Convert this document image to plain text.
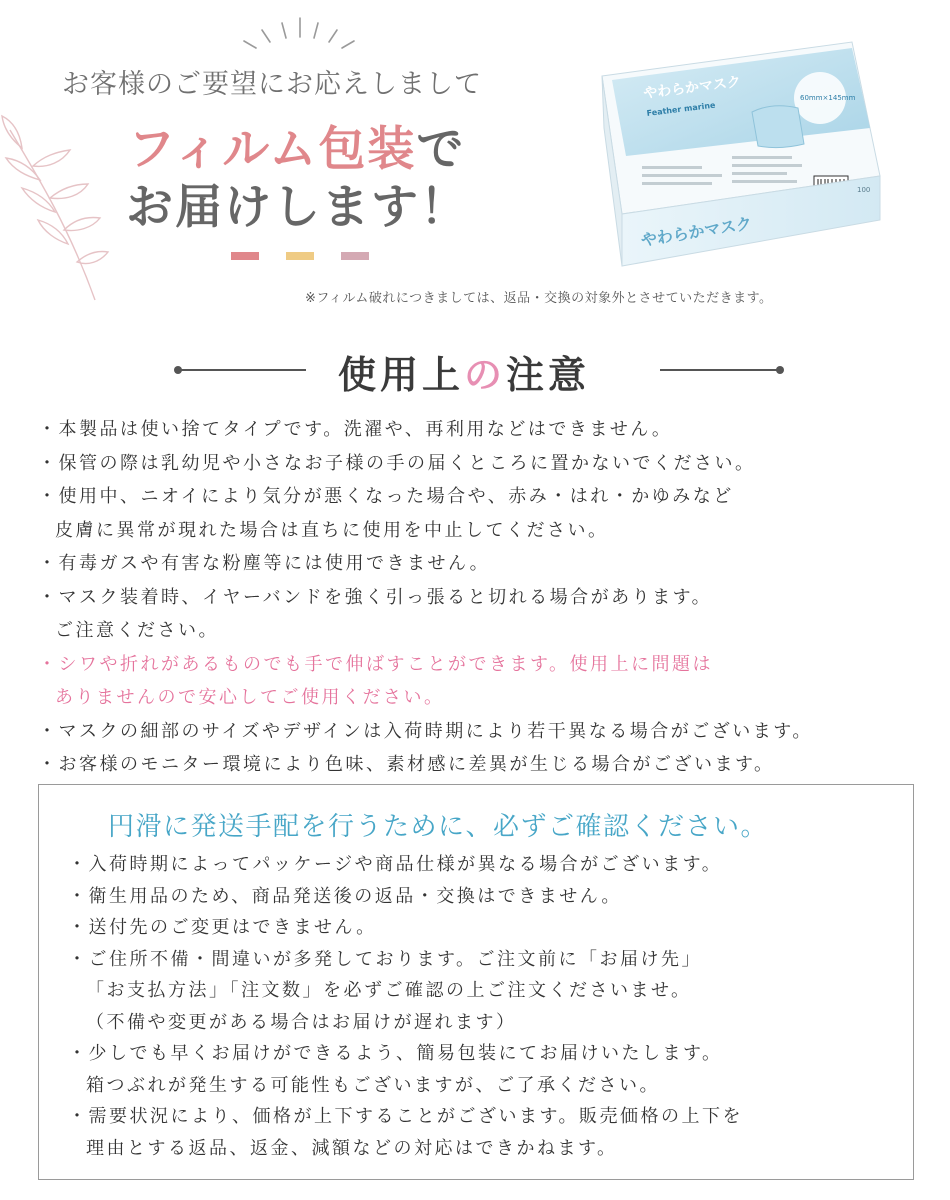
お客様のご要望にお応えしまして
フィルム包装で
お届けします！
※フィルム破れにつきましては、返品・交換の対象外とさせていただきます。
やわらかマスク
Feather marine
60mm×145mm
やわらかマスク
100
使用上の注意
・本製品は使い捨てタイプです。洗濯や、再利用などはできません。
・保管の際は乳幼児や小さなお子様の手の届くところに置かないでください。
・使用中、ニオイにより気分が悪くなった場合や、赤み・はれ・かゆみなど
皮膚に異常が現れた場合は直ちに使用を中止してください。
・有毒ガスや有害な粉塵等には使用できません。
・マスク装着時、イヤーバンドを強く引っ張ると切れる場合があります。
ご注意ください。
・シワや折れがあるものでも手で伸ばすことができます。使用上に問題は
ありませんので安心してご使用ください。
・マスクの細部のサイズやデザインは入荷時期により若干異なる場合がございます。
・お客様のモニター環境により色味、素材感に差異が生じる場合がございます。
円滑に発送手配を行うために、必ずご確認ください。
・入荷時期によってパッケージや商品仕様が異なる場合がございます。
・衛生用品のため、商品発送後の返品・交換はできません。
・送付先のご変更はできません。
・ご住所不備・間違いが多発しております。ご注文前に「お届け先」
「お支払方法」「注文数」を必ずご確認の上ご注文くださいませ。
（不備や変更がある場合はお届けが遅れます）
・少しでも早くお届けができるよう、簡易包装にてお届けいたします。
箱つぶれが発生する可能性もございますが、ご了承ください。
・需要状況により、価格が上下することがございます。販売価格の上下を
理由とする返品、返金、減額などの対応はできかねます。
